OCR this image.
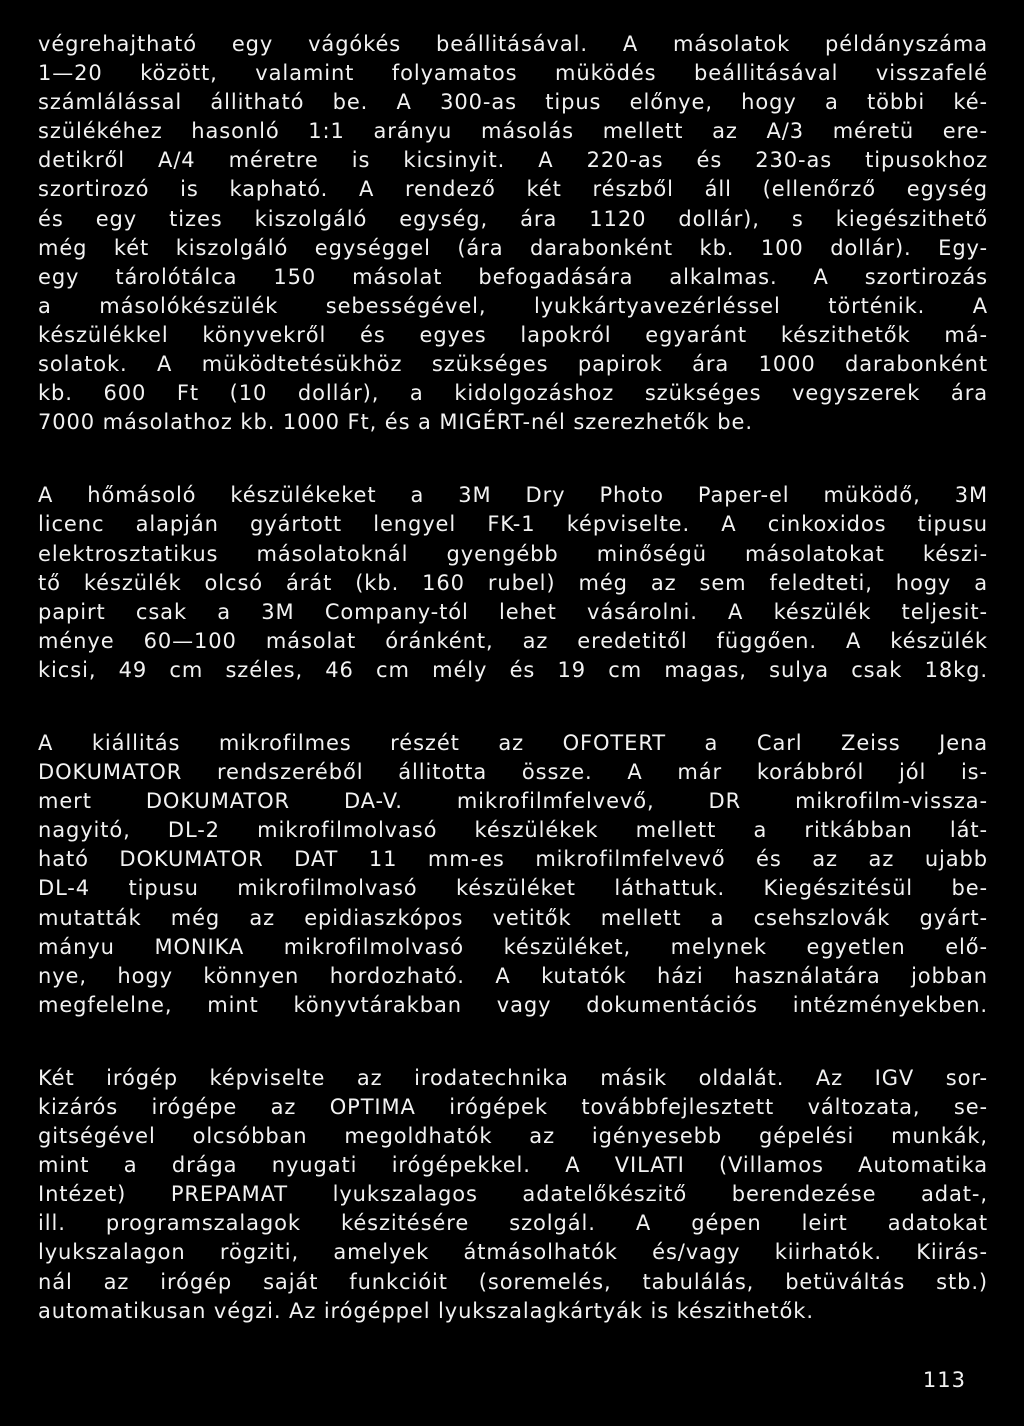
végrehajtható egy vágókés beállitásával. A másolatok példányszáma
1—20 között, valamint folyamatos müködés beállitásával visszafelé
számlálással állitható be. A 300-as tipus előnye, hogy a többi ké-
szülékéhez hasonló 1:1 arányu másolás mellett az A/3 méretü ere-
detikről A/4 méretre is kicsinyit. A 220-as és 230-as tipusokhoz
szortirozó is kapható. A rendező két részből áll (ellenőrző egység
és egy tizes kiszolgáló egység, ára 1120 dollár), s kiegészithető
még két kiszolgáló egységgel (ára darabonként kb. 100 dollár). Egy-
egy tárolótálca 150 másolat befogadására alkalmas. A szortirozás
a másolókészülék sebességével, lyukkártyavezérléssel történik. A
készülékkel könyvekről és egyes lapokról egyaránt készithetők má-
solatok. A müködtetésükhöz szükséges papirok ára 1000 darabonként
kb. 600 Ft (10 dollár), a kidolgozáshoz szükséges vegyszerek ára
7000 másolathoz kb. 1000 Ft, és a MIGÉRT-nél szerezhetők be.
A hőmásoló készülékeket a 3M Dry Photo Paper-el müködő, 3M
licenc alapján gyártott lengyel FK-1 képviselte. A cinkoxidos tipusu
elektrosztatikus másolatoknál gyengébb minőségü másolatokat készi-
tő készülék olcsó árát (kb. 160 rubel) még az sem feledteti, hogy a
papirt csak a 3M Company-tól lehet vásárolni. A készülék teljesit-
ménye 60—100 másolat óránként, az eredetitől függően. A készülék
kicsi, 49 cm széles, 46 cm mély és 19 cm magas, sulya csak 18kg.
A kiállitás mikrofilmes részét az OFOTERT a Carl Zeiss Jena
DOKUMATOR rendszeréből állitotta össze. A már korábbról jól is-
mert DOKUMATOR DA-V. mikrofilmfelvevő, DR mikrofilm-vissza-
nagyitó, DL-2 mikrofilmolvasó készülékek mellett a ritkábban lát-
ható DOKUMATOR DAT 11 mm-es mikrofilmfelvevő és az az ujabb
DL-4 tipusu mikrofilmolvasó készüléket láthattuk. Kiegészitésül be-
mutatták még az epidiaszkópos vetitők mellett a csehszlovák gyárt-
mányu MONIKA mikrofilmolvasó készüléket, melynek egyetlen elő-
nye, hogy könnyen hordozható. A kutatók házi használatára jobban
megfelelne, mint könyvtárakban vagy dokumentációs intézményekben.
Két irógép képviselte az irodatechnika másik oldalát. Az IGV sor-
kizárós irógépe az OPTIMA irógépek továbbfejlesztett változata, se-
gitségével olcsóbban megoldhatók az igényesebb gépelési munkák,
mint a drága nyugati irógépekkel. A VILATI (Villamos Automatika
Intézet) PREPAMAT lyukszalagos adatelőkészitő berendezése adat-,
ill. programszalagok készitésére szolgál. A gépen leirt adatokat
lyukszalagon rögziti, amelyek átmásolhatók és/vagy kiirhatók. Kiirás-
nál az irógép saját funkcióit (soremelés, tabulálás, betüváltás stb.)
automatikusan végzi. Az irógéppel lyukszalagkártyák is készithetők.
113
